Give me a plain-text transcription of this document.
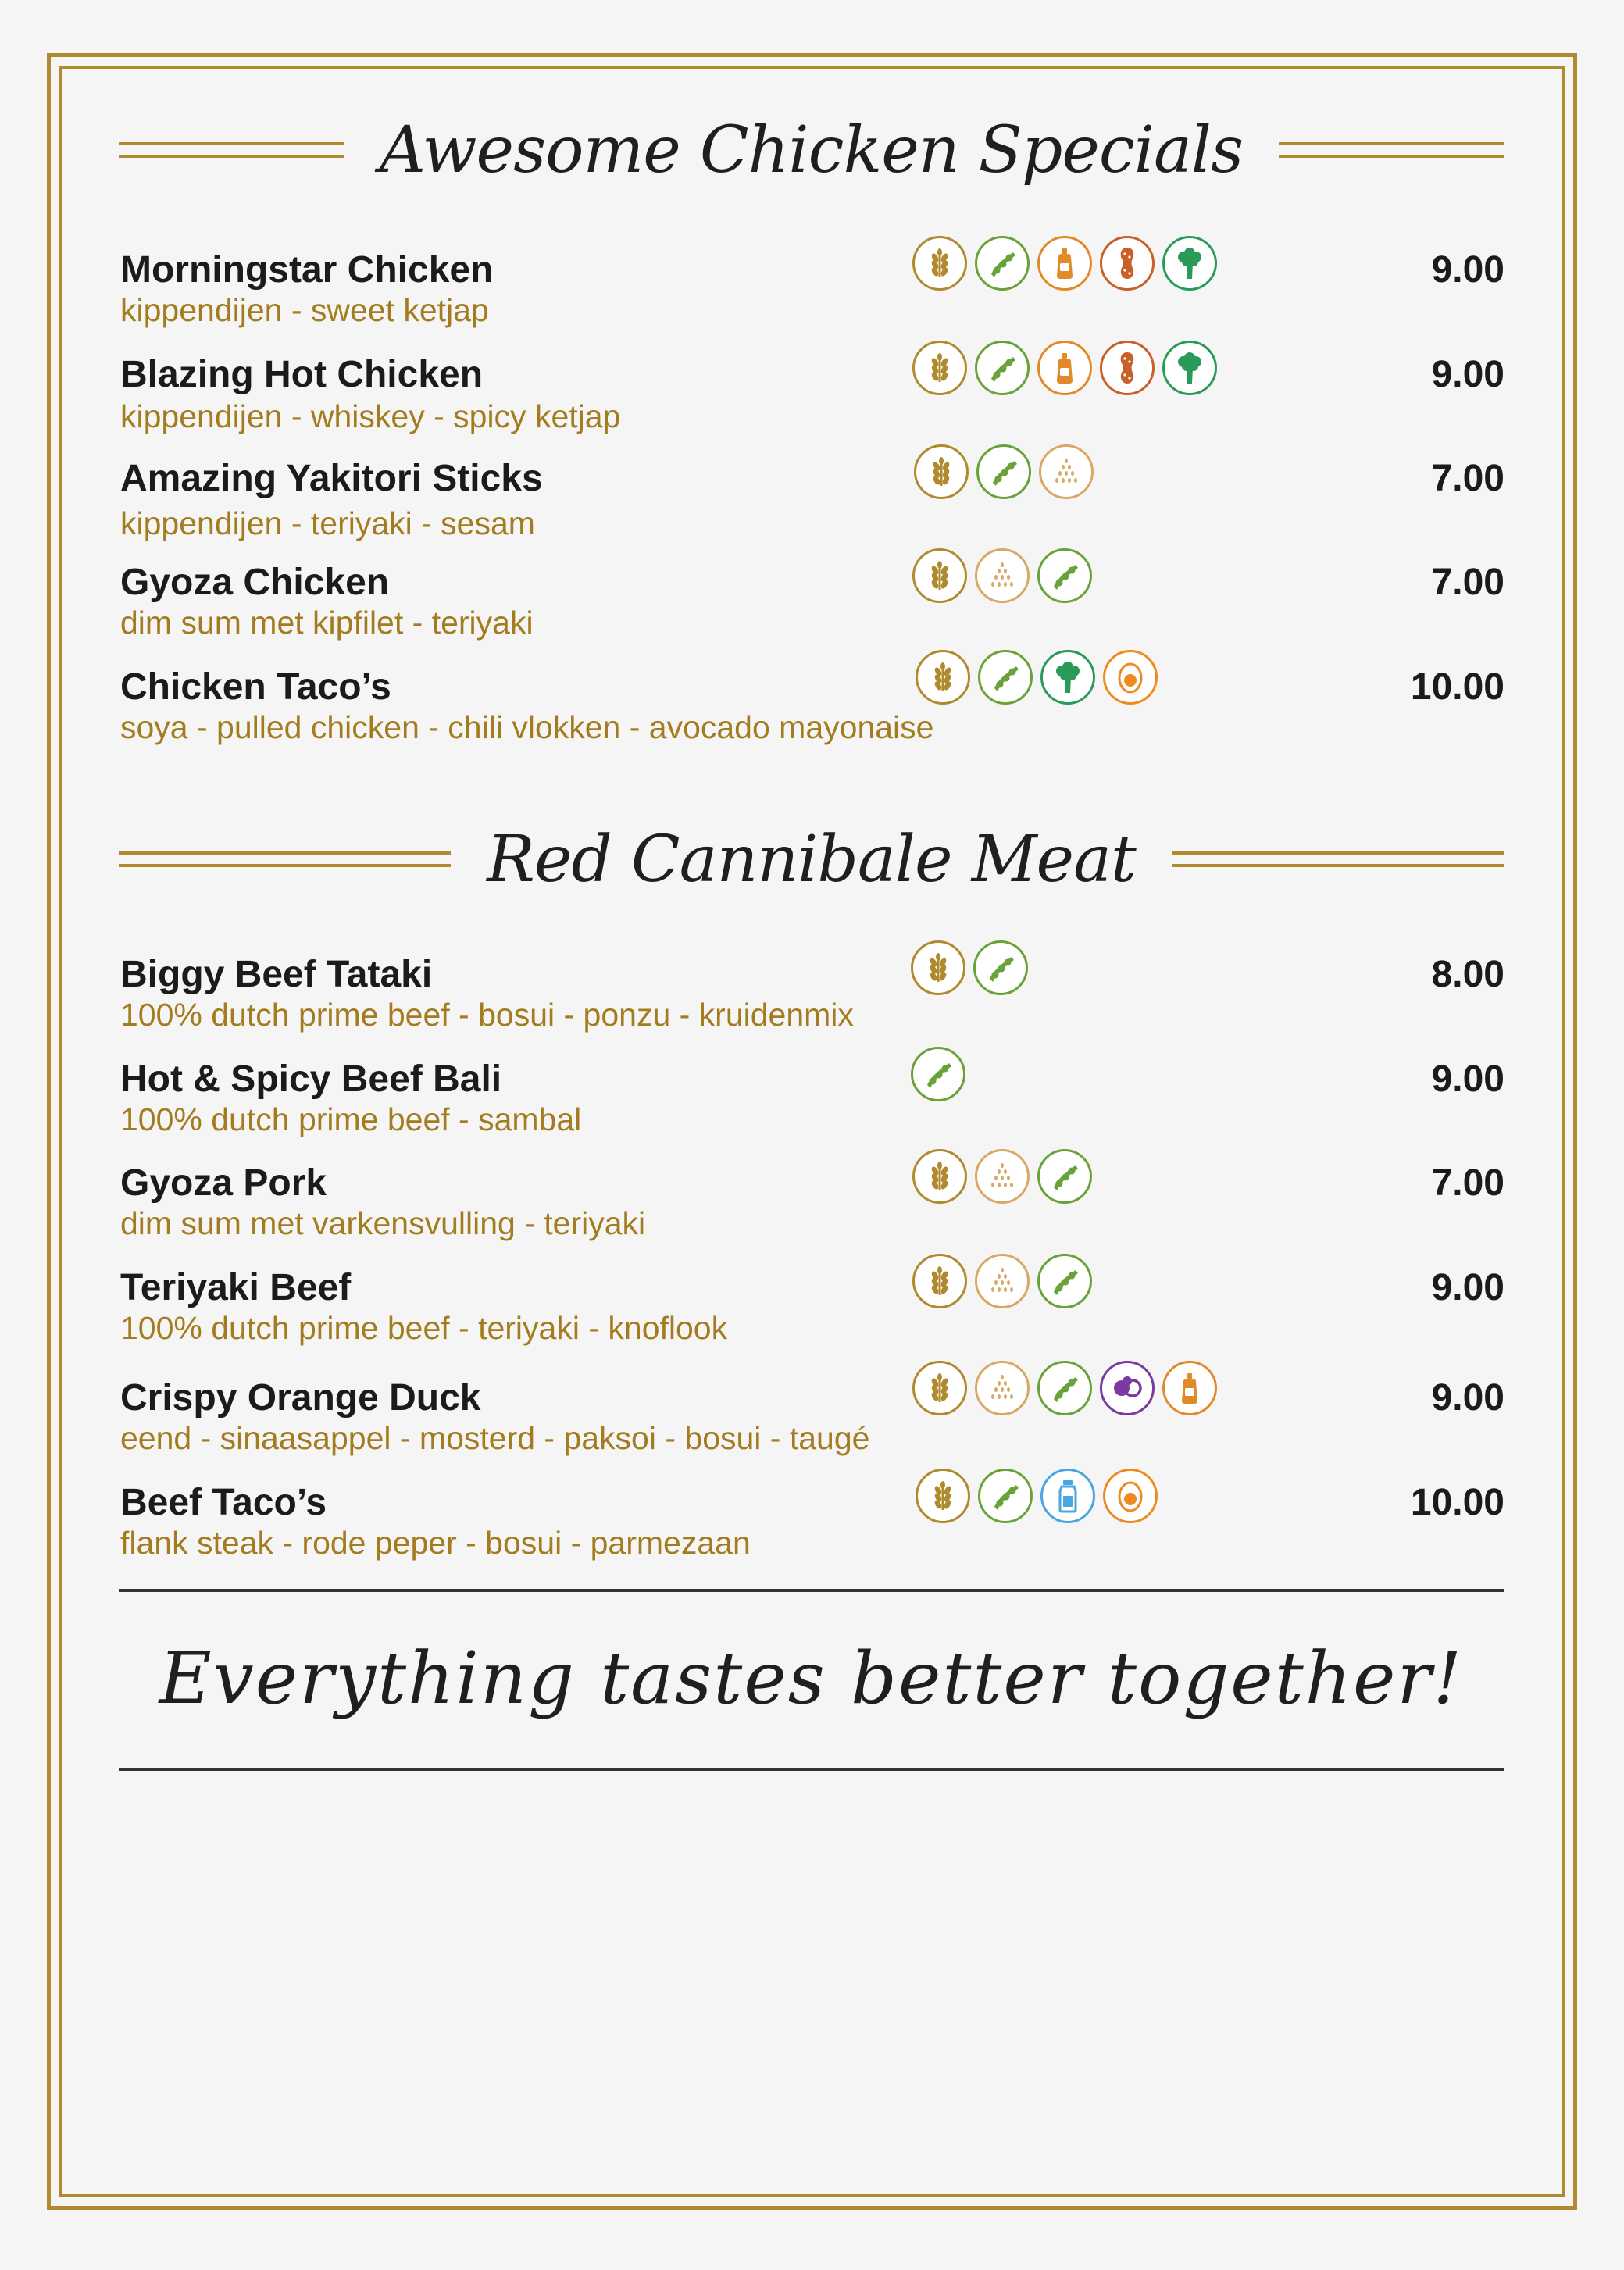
Awesome Chicken Specials
Morningstar Chicken
kippendijen - sweet ketjap
9.00
Blazing Hot Chicken
kippendijen - whiskey - spicy ketjap
9.00
Amazing Yakitori Sticks
kippendijen - teriyaki - sesam
7.00
Gyoza Chicken
dim sum met kipfilet - teriyaki
7.00
Chicken Taco’s
soya - pulled chicken - chili vlokken - avocado mayonaise
10.00
Red Cannibale Meat
Biggy Beef Tataki
100% dutch prime beef - bosui - ponzu - kruidenmix
8.00
Hot & Spicy Beef Bali
100% dutch prime beef - sambal
9.00
Gyoza Pork
dim sum met varkensvulling - teriyaki
7.00
Teriyaki Beef
100% dutch prime beef - teriyaki - knoflook
9.00
Crispy Orange Duck
eend - sinaasappel - mosterd - paksoi - bosui - taugé
9.00
Beef Taco’s
flank steak - rode peper - bosui - parmezaan
10.00
Everything tastes better together!
